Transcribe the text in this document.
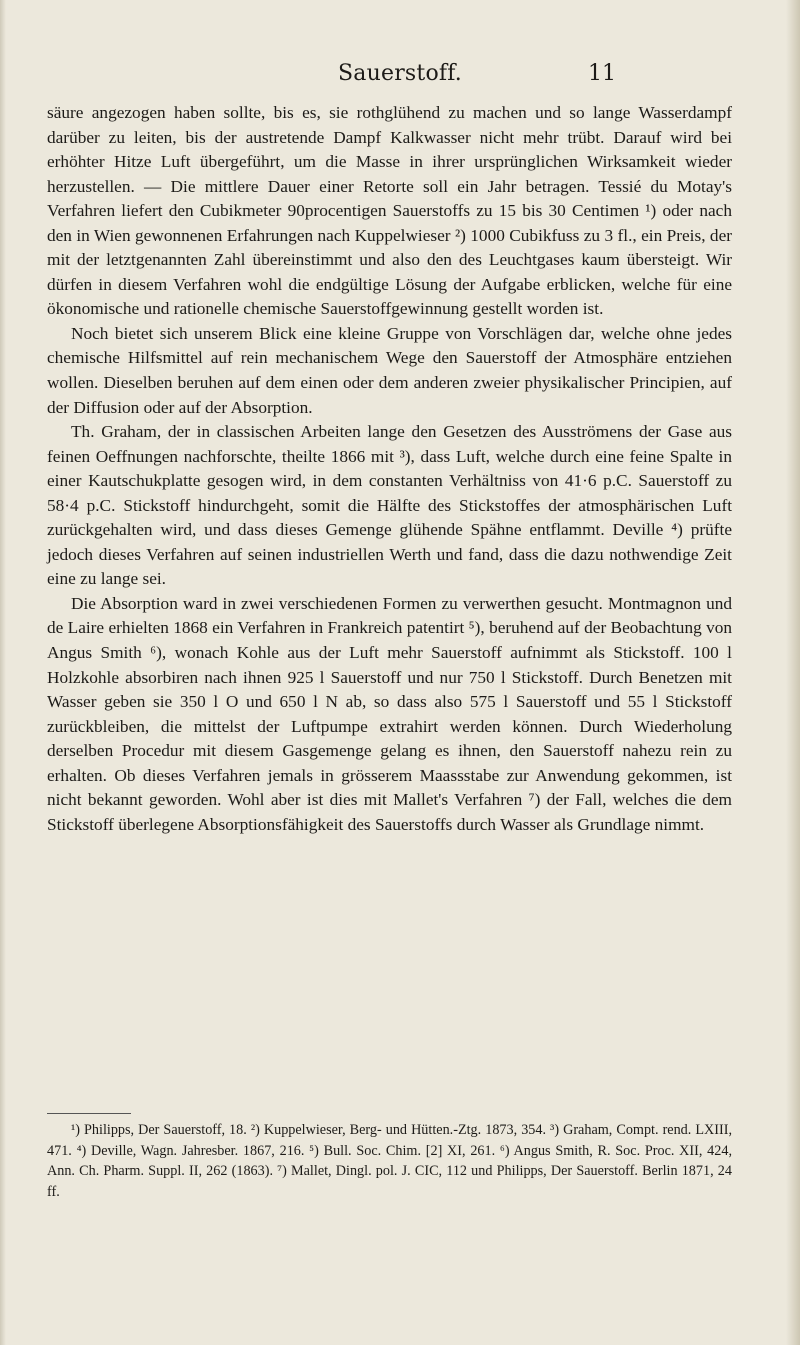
Sauerstoff.	11

säure angezogen haben sollte, bis es, sie rothglühend zu machen und so lange Wasserdampf darüber zu leiten, bis der austretende Dampf Kalkwasser nicht mehr trübt. Darauf wird bei erhöhter Hitze Luft übergeführt, um die Masse in ihrer ursprünglichen Wirksamkeit wieder herzustellen. — Die mittlere Dauer einer Retorte soll ein Jahr betragen. Tessié du Motay's Verfahren liefert den Cubikmeter 90procentigen Sauerstoffs zu 15 bis 30 Centimen ¹) oder nach den in Wien gewonnenen Erfahrungen nach Kuppelwieser ²) 1000 Cubikfuss zu 3 fl., ein Preis, der mit der letztgenannten Zahl übereinstimmt und also den des Leuchtgases kaum übersteigt. Wir dürfen in diesem Verfahren wohl die endgültige Lösung der Aufgabe erblicken, welche für eine ökonomische und rationelle chemische Sauerstoffgewinnung gestellt worden ist.

Noch bietet sich unserem Blick eine kleine Gruppe von Vorschlägen dar, welche ohne jedes chemische Hilfsmittel auf rein mechanischem Wege den Sauerstoff der Atmosphäre entziehen wollen. Dieselben beruhen auf dem einen oder dem anderen zweier physikalischer Principien, auf der Diffusion oder auf der Absorption.

Th. Graham, der in classischen Arbeiten lange den Gesetzen des Ausströmens der Gase aus feinen Oeffnungen nachforschte, theilte 1866 mit ³), dass Luft, welche durch eine feine Spalte in einer Kautschukplatte gesogen wird, in dem constanten Verhältniss von 41·6 p.C. Sauerstoff zu 58·4 p.C. Stickstoff hindurchgeht, somit die Hälfte des Stickstoffes der atmosphärischen Luft zurückgehalten wird, und dass dieses Gemenge glühende Spähne entflammt. Deville ⁴) prüfte jedoch dieses Verfahren auf seinen industriellen Werth und fand, dass die dazu nothwendige Zeit eine zu lange sei.

Die Absorption ward in zwei verschiedenen Formen zu verwerthen gesucht. Montmagnon und de Laire erhielten 1868 ein Verfahren in Frankreich patentirt ⁵), beruhend auf der Beobachtung von Angus Smith ⁶), wonach Kohle aus der Luft mehr Sauerstoff aufnimmt als Stickstoff. 100 l Holzkohle absorbiren nach ihnen 925 l Sauerstoff und nur 750 l Stickstoff. Durch Benetzen mit Wasser geben sie 350 l O und 650 l N ab, so dass also 575 l Sauerstoff und 55 l Stickstoff zurückbleiben, die mittelst der Luftpumpe extrahirt werden können. Durch Wiederholung derselben Procedur mit diesem Gasgemenge gelang es ihnen, den Sauerstoff nahezu rein zu erhalten. Ob dieses Verfahren jemals in grösserem Maassstabe zur Anwendung gekommen, ist nicht bekannt geworden. Wohl aber ist dies mit Mallet's Verfahren ⁷) der Fall, welches die dem Stickstoff überlegene Absorptionsfähigkeit des Sauerstoffs durch Wasser als Grundlage nimmt.

¹) Philipps, Der Sauerstoff, 18. ²) Kuppelwieser, Berg- und Hütten.-Ztg. 1873, 354. ³) Graham, Compt. rend. LXIII, 471. ⁴) Deville, Wagn. Jahresber. 1867, 216. ⁵) Bull. Soc. Chim. [2] XI, 261. ⁶) Angus Smith, R. Soc. Proc. XII, 424, Ann. Ch. Pharm. Suppl. II, 262 (1863). ⁷) Mallet, Dingl. pol. J. CIC, 112 und Philipps, Der Sauerstoff. Berlin 1871, 24 ff.
